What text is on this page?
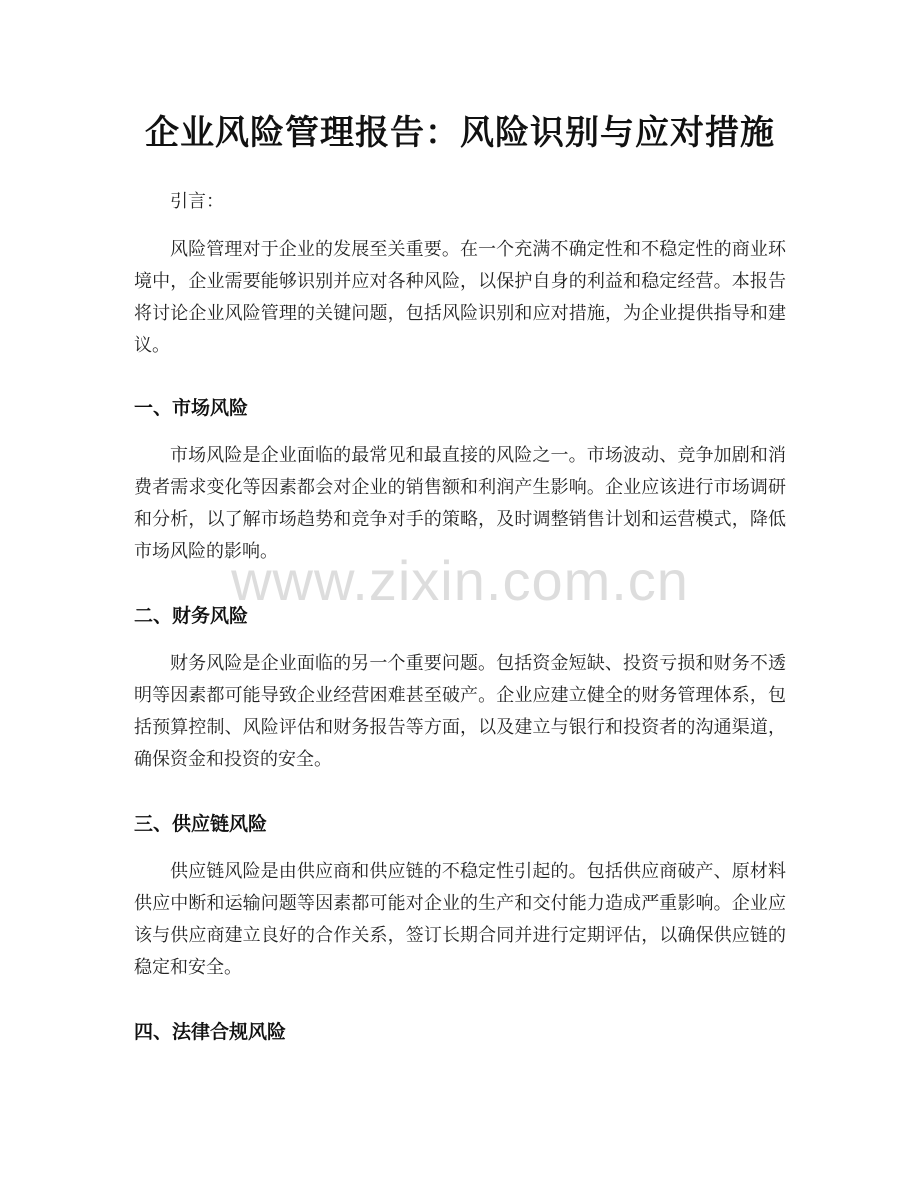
企业风险管理报告：风险识别与应对措施
引言：
风险管理对于企业的发展至关重要。在一个充满不确定性和不稳定性的商业环境中，企业需要能够识别并应对各种风险，以保护自身的利益和稳定经营。本报告将讨论企业风险管理的关键问题，包括风险识别和应对措施，为企业提供指导和建议。
一、市场风险
市场风险是企业面临的最常见和最直接的风险之一。市场波动、竞争加剧和消费者需求变化等因素都会对企业的销售额和利润产生影响。企业应该进行市场调研和分析，以了解市场趋势和竞争对手的策略，及时调整销售计划和运营模式，降低市场风险的影响。
二、财务风险
财务风险是企业面临的另一个重要问题。包括资金短缺、投资亏损和财务不透明等因素都可能导致企业经营困难甚至破产。企业应建立健全的财务管理体系，包括预算控制、风险评估和财务报告等方面，以及建立与银行和投资者的沟通渠道，确保资金和投资的安全。
三、供应链风险
供应链风险是由供应商和供应链的不稳定性引起的。包括供应商破产、原材料供应中断和运输问题等因素都可能对企业的生产和交付能力造成严重影响。企业应该与供应商建立良好的合作关系，签订长期合同并进行定期评估，以确保供应链的稳定和安全。
四、法律合规风险
www.zixin.com.cn
